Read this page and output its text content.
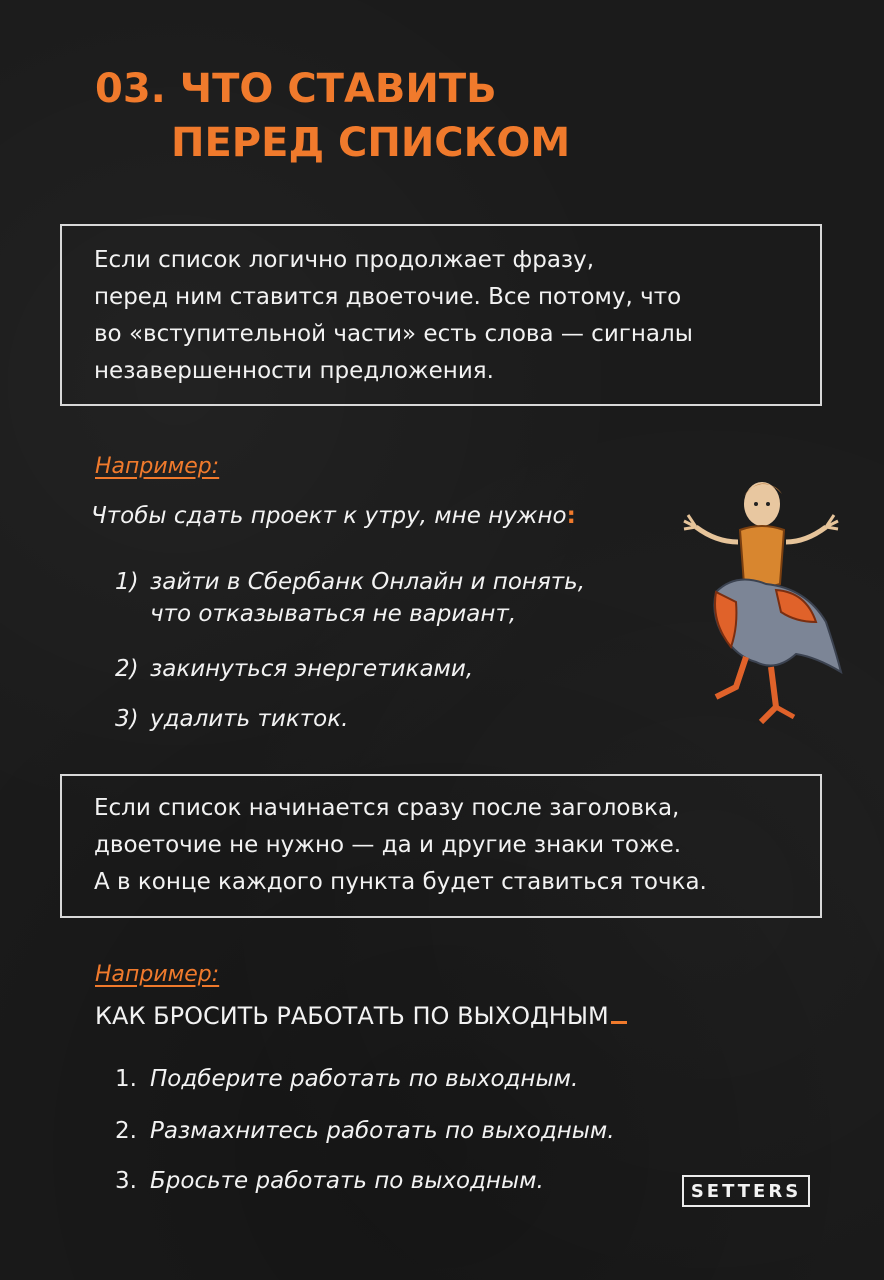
03. ЧТО СТАВИТЬ
ПЕРЕД СПИСКОМ

Если список логично продолжает фразу,

перед ним ставится двоеточие. Все потому, что

во «вступительной части» есть слова — сигналы

незавершенности предложения.

Например:
Чтобы сдать проект к утру, мне нужно:
1) зайти в Сбербанк Онлайн и понять,
что отказываться не вариант,
2) закинуться энергетиками,
3) удалить тикток.

Если список начинается сразу после заголовка,

двоеточие не нужно — да и другие знаки тоже.

А в конце каждого пункта будет ставиться точка.

Например:
КАК БРОСИТЬ РАБОТАТЬ ПО ВЫХОДНЫМ
1. Подберите работать по выходным.
2. Размахнитесь работать по выходным.
3. Бросьте работать по выходным.	SETTERS
